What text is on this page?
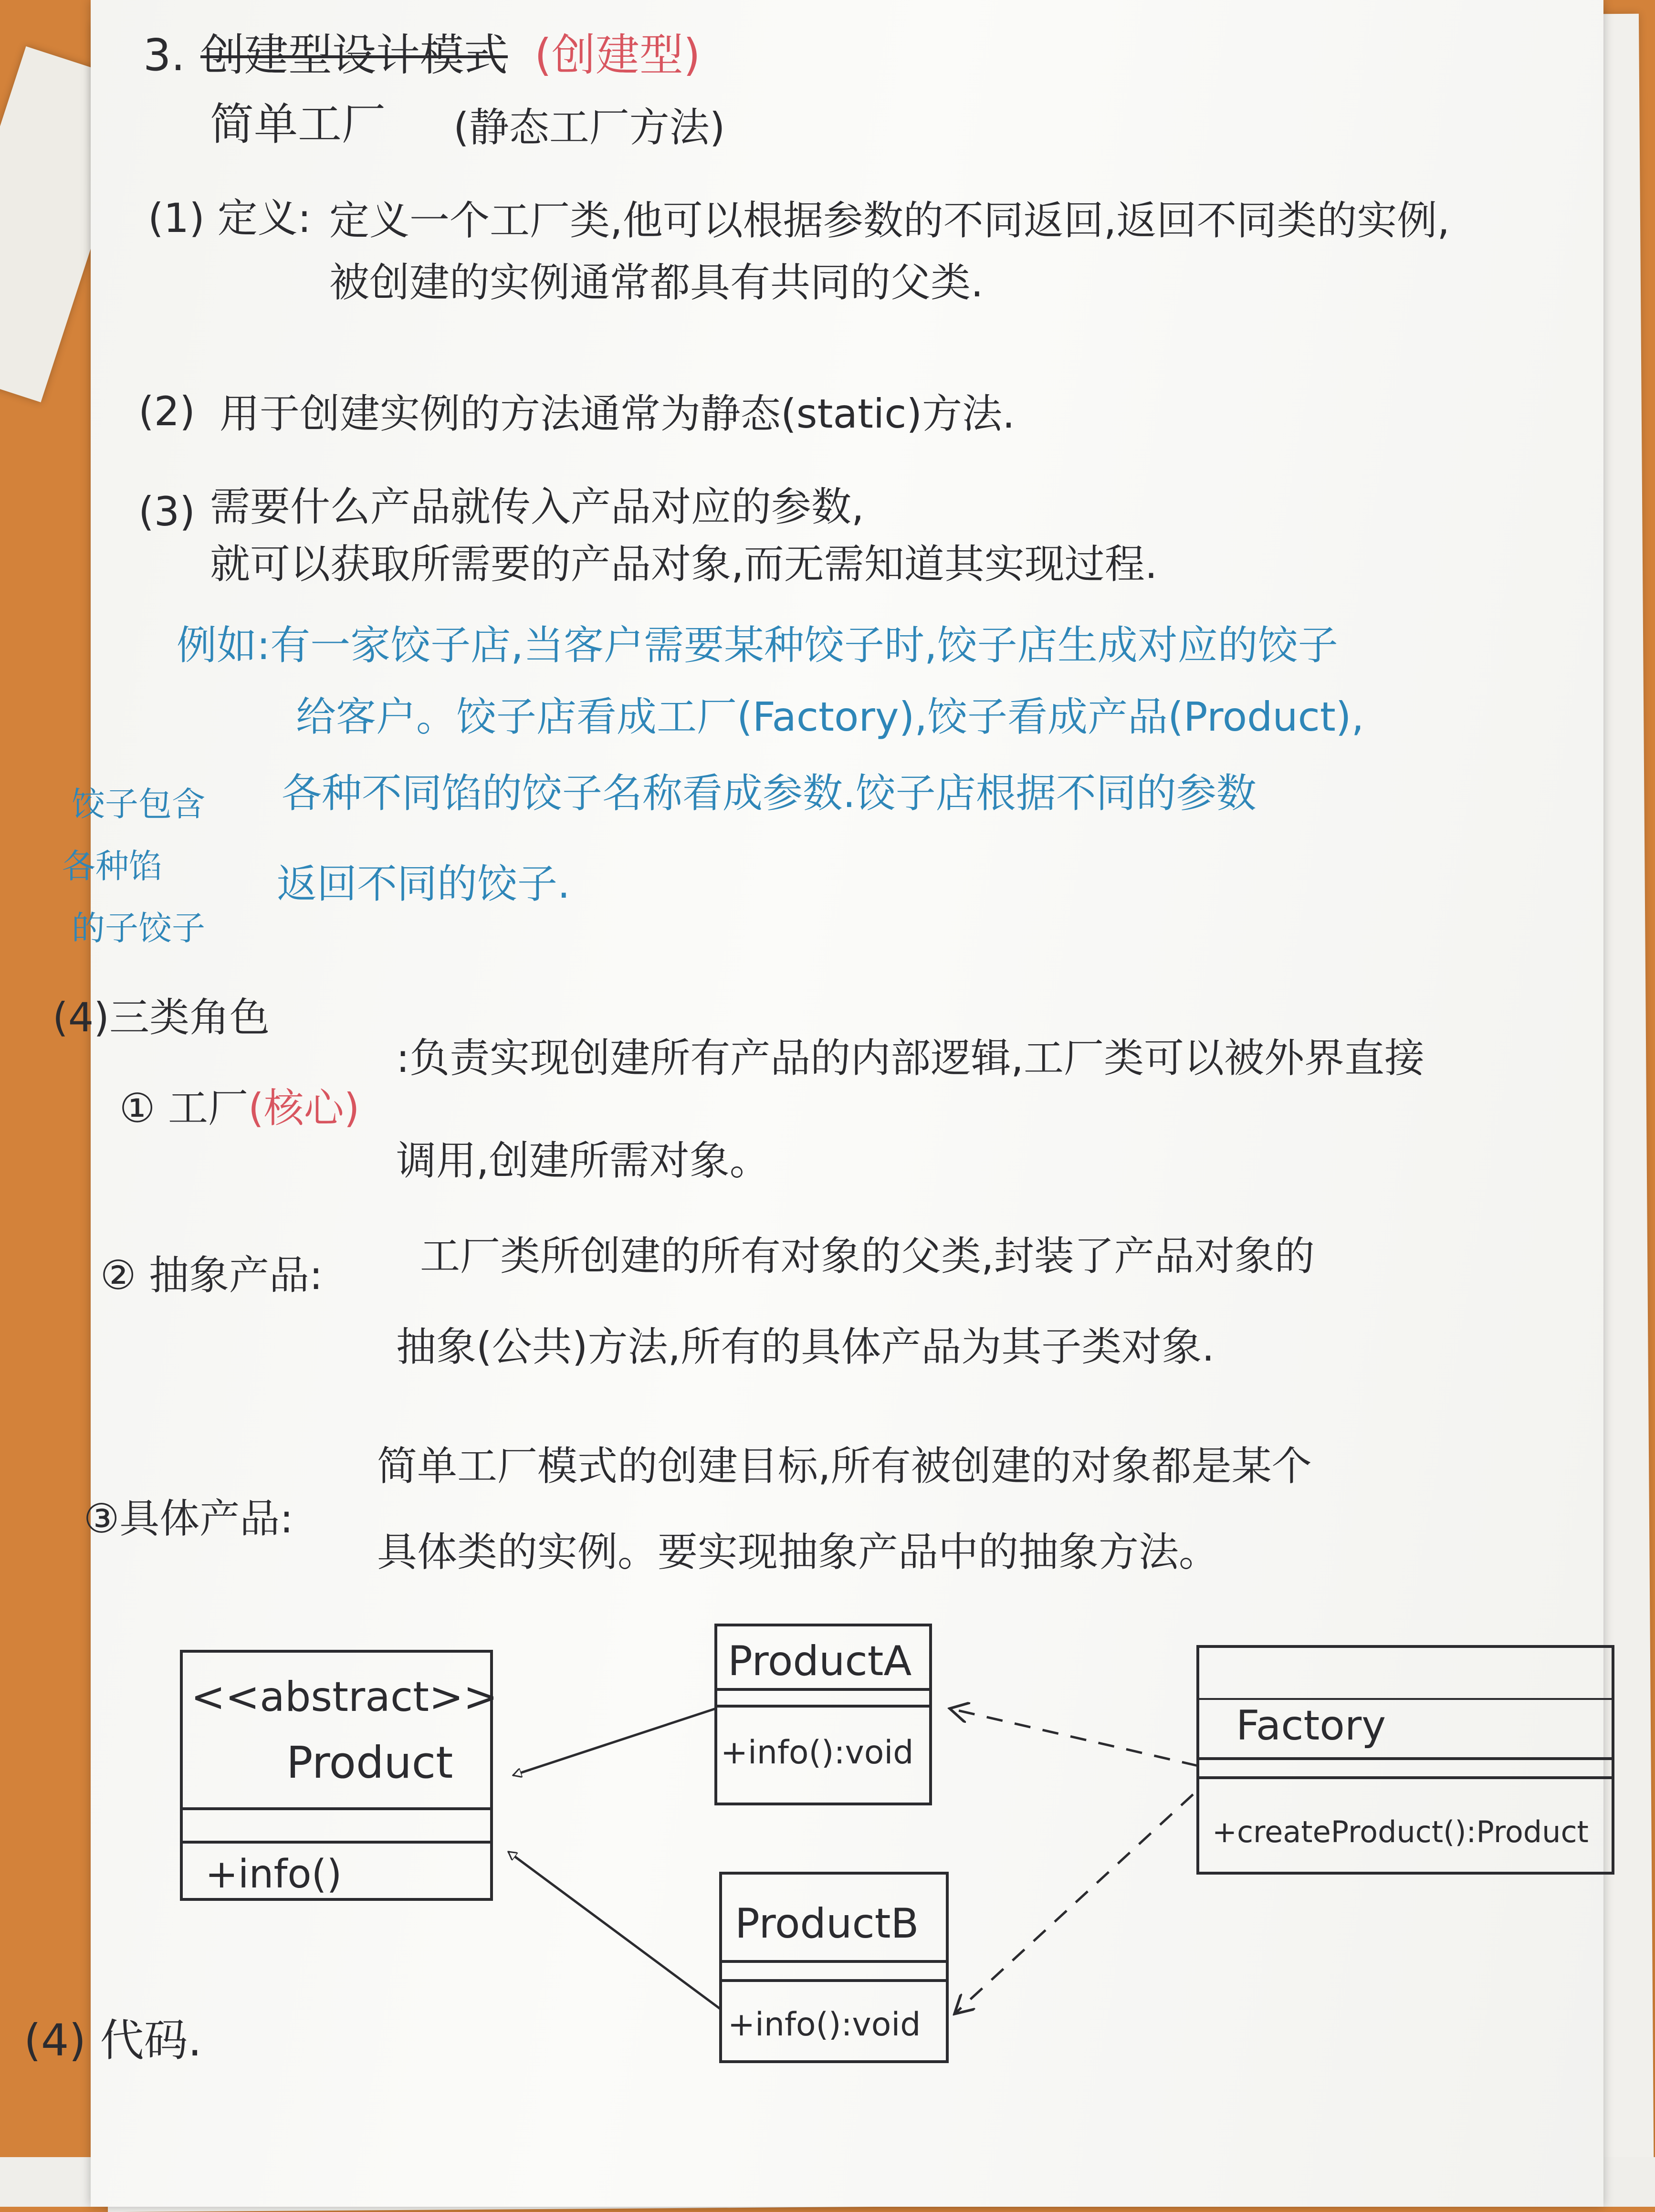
3. 创建型设计模式 (创建型)
简单工厂 (静态工厂方法)
(1) 定义: 定义一个工厂类,他可以根据参数的不同返回,返回不同类的实例,
被创建的实例通常都具有共同的父类.
(2) 用于创建实例的方法通常为静态(static)方法.
(3) 需要什么产品就传入产品对应的参数,
就可以获取所需要的产品对象,而无需知道其实现过程.
例如:有一家饺子店,当客户需要某种饺子时,饺子店生成对应的饺子
给客户。饺子店看成工厂(Factory),饺子看成产品(Product),
各种不同馅的饺子名称看成参数.饺子店根据不同的参数
返回不同的饺子.
饺子包含
各种馅
的子饺子
(4)三类角色
① 工厂 (核心)
:负责实现创建所有产品的内部逻辑,工厂类可以被外界直接
调用,创建所需对象。
② 抽象产品: 工厂类所创建的所有对象的父类,封装了产品对象的
抽象(公共)方法,所有的具体产品为其子类对象.
③具体产品:
简单工厂模式的创建目标,所有被创建的对象都是某个
具体类的实例。要实现抽象产品中的抽象方法。
<<abstract>>
Product
+info()
ProductA
+info():void
ProductB
+info():void
Factory
+createProduct():Product
(4) 代码.
